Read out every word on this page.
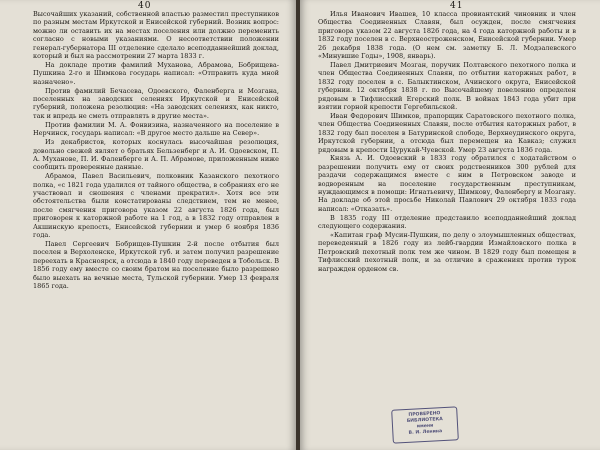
40

Высочайших указаний, собственной властью разместил преступников по разным местам Иркутской и Енисейской губерний. Возник вопрос: можно ли оставить их на местах поселения или должно переменить согласно с новыми указаниями. О несоответствии положении генерал-губернатора III отделение сделало всеподданнейший доклад, который и был на рассмотрении 27 марта 1833 г.

На докладе против фамилий Муханова, Абрамова, Бобрищева-Пушкина 2-го и Шимкова государь написал: «Отправить куда мной назначено».

Против фамилий Бечасева, Одоевского, Фаленберга и Мозгана, поселенных на заводских селениях Иркутской и Енисейской губерний, положена резолюция: «На заводских селениях, как никто, так и впредь не сметь отправлять в другие места».

Против фамилии М. А. Фонвизина, назначенного на поселение в Нерчинск, государь написал: «В другое место дальше на Север».

Из декабристов, которых коснулась высочайшая резолюция, довольно свежей являет о братьях Бельзенберг и А. И. Одоевском, П. А. Муханове, П. И. Фаленберге и А. П. Абрамове, приложенным ниже сообщить проверенные данные.

Абрамов, Павел Васильевич, полковник Казанского пехотного полка, «с 1821 года удалился от тайного общества, в собраниях его не участвовал и сношения с членами прекратил». Хотя все эти обстоятельства были констатированы следствием, тем не менее, после смягчения приговора указом 22 августа 1826 года, был приговорен к каторжной работе на 1 год, а в 1832 году отправлен в Акшинскую крепость, Енисейской губернии и умер 6 ноября 1836 года.

Павел Сергеевич Бобрищев-Пушкин 2-й после отбытия был поселен в Верхоленске, Иркутской губ. и затем получил разрешение переехать в Красноярск, а отсюда в 1840 году переведен в Тобольск. В 1856 году ему вместе со своим братом на поселение было разрешено было выехать на вечные места, Тульской губернии. Умер 13 февраля 1865 года.

41

Илья Иванович Ивашев, 10 класса провиантский чиновник и член Общества Соединенных Славян, был осужден, после смягчения приговора указом 22 августа 1826 года, на 4 года каторжной работы и в 1832 году поселен в с. Верхнеостроженском, Енисейской губернии. Умер 26 декабря 1838 года. (О нем см. заметку Б. Л. Модзалевского «Минувшие Годы», 1908, январь).

Павел Дмитриевич Мозган, поручик Полтавского пехотного полка и член Общества Соединенных Славян, по отбытии каторжных работ, в 1832 году поселен в с. Балыктинском, Ачинского округа, Енисейской губернии. 12 октября 1838 г. по Высочайшему повелению определен рядовым в Тифлисский Егерский полк. В войнах 1843 года убит при взятии горной крепости Гергебильской.

Иван Федорович Шимков, прапорщик Саратовского пехотного полка, член Общества Соединенных Славян, после отбытия каторжных работ, в 1832 году был поселен в Батуринской слободе, Верхнеудинского округа, Иркутской губернии, а отсюда был перемещен на Кавказ; служил рядовым в крепости Цурукай-Чуевской. Умер 23 августа 1836 года.

Князь А. И. Одоевский в 1833 году обратился с ходатайством о разрешении получить ему от своих родственников 300 рублей для раздачи содержащимся вместе с ним в Петровском заводе и водворенным на поселение государственным преступникам, нуждающимся в помощи: Игнатьевичу, Шимкову, Фаленбергу и Мозгану. На докладе об этой просьбе Николай Павлович 29 октября 1833 года написал: «Отказать».

В 1835 году III отделение представило всеподданнейший доклад следующего содержания.

«Капитан граф Мусин-Пушкин, по делу о злоумышленных обществах, переведенный в 1826 году из лейб-гвардии Измайловского полка в Петровский пехотный полк тем же чином. В 1829 году был помещен в Тифлисский пехотный полк, и за отличие в сражениях против турок награжден орденом св.

ПРОВЕРЕНО
БИБЛИОТЕКА
имени
В. И. Ленина
